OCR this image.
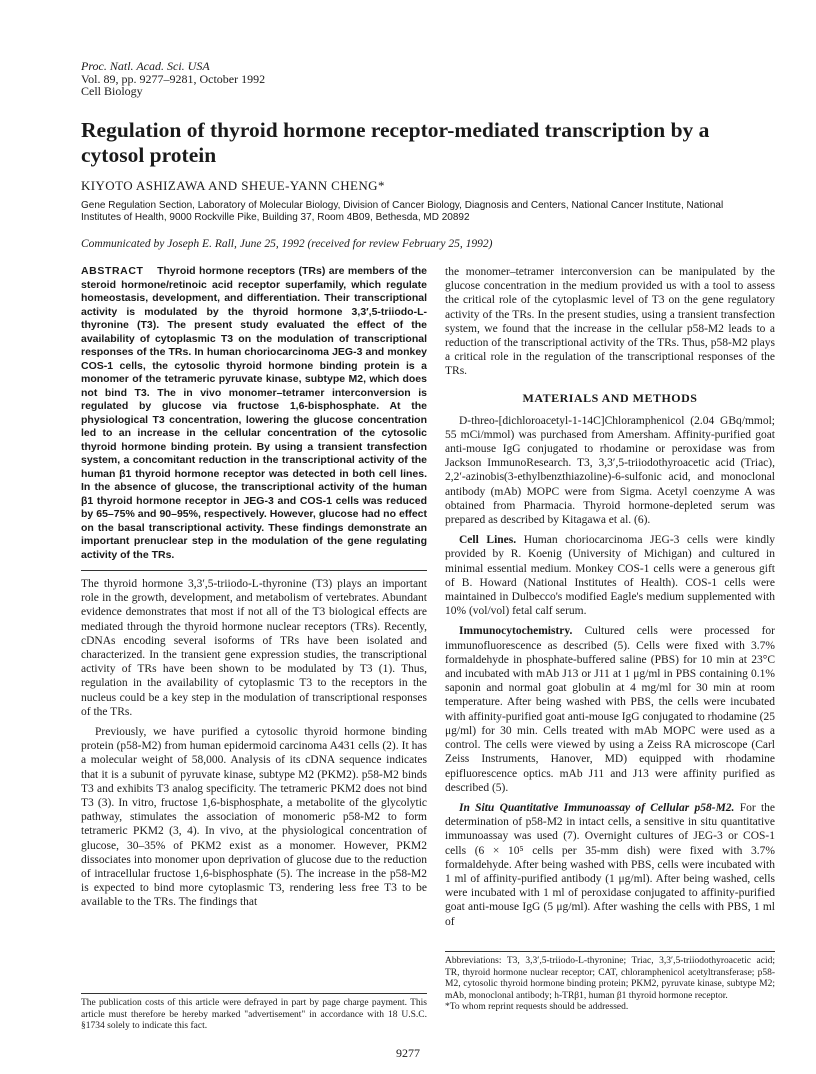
Proc. Natl. Acad. Sci. USA
Vol. 89, pp. 9277–9281, October 1992
Cell Biology
Regulation of thyroid hormone receptor-mediated transcription by a cytosol protein
KIYOTO ASHIZAWA AND SHEUE-YANN CHENG*
Gene Regulation Section, Laboratory of Molecular Biology, Division of Cancer Biology, Diagnosis and Centers, National Cancer Institute, National Institutes of Health, 9000 Rockville Pike, Building 37, Room 4B09, Bethesda, MD 20892
Communicated by Joseph E. Rall, June 25, 1992 (received for review February 25, 1992)

ABSTRACT Thyroid hormone receptors (TRs) are members of the steroid hormone/retinoic acid receptor superfamily, which regulate homeostasis, development, and differentiation. Their transcriptional activity is modulated by the thyroid hormone 3,3′,5-triiodo-L-thyronine (T3). The present study evaluated the effect of the availability of cytoplasmic T3 on the modulation of transcriptional responses of the TRs. In human choriocarcinoma JEG-3 and monkey COS-1 cells, the cytosolic thyroid hormone binding protein is a monomer of the tetrameric pyruvate kinase, subtype M2, which does not bind T3. The in vivo monomer–tetramer interconversion is regulated by glucose via fructose 1,6-bisphosphate. At the physiological T3 concentration, lowering the glucose concentration led to an increase in the cellular concentration of the cytosolic thyroid hormone binding protein. By using a transient transfection system, a concomitant reduction in the transcriptional activity of the human β1 thyroid hormone receptor was detected in both cell lines. In the absence of glucose, the transcriptional activity of the human β1 thyroid hormone receptor in JEG-3 and COS-1 cells was reduced by 65–75% and 90–95%, respectively. However, glucose had no effect on the basal transcriptional activity. These findings demonstrate an important prenuclear step in the modulation of the gene regulating activity of the TRs.

The thyroid hormone 3,3′,5-triiodo-L-thyronine (T3) plays an important role in the growth, development, and metabolism of vertebrates. Abundant evidence demonstrates that most if not all of the T3 biological effects are mediated through the thyroid hormone nuclear receptors (TRs). Recently, cDNAs encoding several isoforms of TRs have been isolated and characterized. In the transient gene expression studies, the transcriptional activity of TRs have been shown to be modulated by T3 (1). Thus, regulation in the availability of cytoplasmic T3 to the receptors in the nucleus could be a key step in the modulation of transcriptional responses of the TRs.

Previously, we have purified a cytosolic thyroid hormone binding protein (p58-M2) from human epidermoid carcinoma A431 cells (2). It has a molecular weight of 58,000. Analysis of its cDNA sequence indicates that it is a subunit of pyruvate kinase, subtype M2 (PKM2). p58-M2 binds T3 and exhibits T3 analog specificity. The tetrameric PKM2 does not bind T3 (3). In vitro, fructose 1,6-bisphosphate, a metabolite of the glycolytic pathway, stimulates the association of monomeric p58-M2 to form tetrameric PKM2 (3, 4). In vivo, at the physiological concentration of glucose, 30–35% of PKM2 exist as a monomer. However, PKM2 dissociates into monomer upon deprivation of glucose due to the reduction of intracellular fructose 1,6-bisphosphate (5). The increase in the p58-M2 is expected to bind more cytoplasmic T3, rendering less free T3 to be available to the TRs. The findings that

The publication costs of this article were defrayed in part by page charge payment. This article must therefore be hereby marked "advertisement" in accordance with 18 U.S.C. §1734 solely to indicate this fact.

the monomer–tetramer interconversion can be manipulated by the glucose concentration in the medium provided us with a tool to assess the critical role of the cytoplasmic level of T3 on the gene regulatory activity of the TRs. In the present studies, using a transient transfection system, we found that the increase in the cellular p58-M2 leads to a reduction of the transcriptional activity of the TRs. Thus, p58-M2 plays a critical role in the regulation of the transcriptional responses of the TRs.

MATERIALS AND METHODS

D-threo-[dichloroacetyl-1-14C]Chloramphenicol (2.04 GBq/mmol; 55 mCi/mmol) was purchased from Amersham. Affinity-purified goat anti-mouse IgG conjugated to rhodamine or peroxidase was from Jackson ImmunoResearch. T3, 3,3′,5-triiodothyroacetic acid (Triac), 2,2′-azinobis(3-ethylbenzthiazoline)-6-sulfonic acid, and monoclonal antibody (mAb) MOPC were from Sigma. Acetyl coenzyme A was obtained from Pharmacia. Thyroid hormone-depleted serum was prepared as described by Kitagawa et al. (6).

Cell Lines. Human choriocarcinoma JEG-3 cells were kindly provided by R. Koenig (University of Michigan) and cultured in minimal essential medium. Monkey COS-1 cells were a generous gift of B. Howard (National Institutes of Health). COS-1 cells were maintained in Dulbecco's modified Eagle's medium supplemented with 10% (vol/vol) fetal calf serum.

Immunocytochemistry. Cultured cells were processed for immunofluorescence as described (5). Cells were fixed with 3.7% formaldehyde in phosphate-buffered saline (PBS) for 10 min at 23°C and incubated with mAb J13 or J11 at 1 μg/ml in PBS containing 0.1% saponin and normal goat globulin at 4 mg/ml for 30 min at room temperature. After being washed with PBS, the cells were incubated with affinity-purified goat anti-mouse IgG conjugated to rhodamine (25 μg/ml) for 30 min. Cells treated with mAb MOPC were used as a control. The cells were viewed by using a Zeiss RA microscope (Carl Zeiss Instruments, Hanover, MD) equipped with rhodamine epifluorescence optics. mAb J11 and J13 were affinity purified as described (5).

In Situ Quantitative Immunoassay of Cellular p58-M2. For the determination of p58-M2 in intact cells, a sensitive in situ quantitative immunoassay was used (7). Overnight cultures of JEG-3 or COS-1 cells (6 × 10⁵ cells per 35-mm dish) were fixed with 3.7% formaldehyde. After being washed with PBS, cells were incubated with 1 ml of affinity-purified antibody (1 μg/ml). After being washed, cells were incubated with 1 ml of peroxidase conjugated to affinity-purified goat anti-mouse IgG (5 μg/ml). After washing the cells with PBS, 1 ml of

Abbreviations: T3, 3,3′,5-triiodo-L-thyronine; Triac, 3,3′,5-triiodothyroacetic acid; TR, thyroid hormone nuclear receptor; CAT, chloramphenicol acetyltransferase; p58-M2, cytosolic thyroid hormone binding protein; PKM2, pyruvate kinase, subtype M2; mAb, monoclonal antibody; h-TRβ1, human β1 thyroid hormone receptor.
*To whom reprint requests should be addressed.
9277
